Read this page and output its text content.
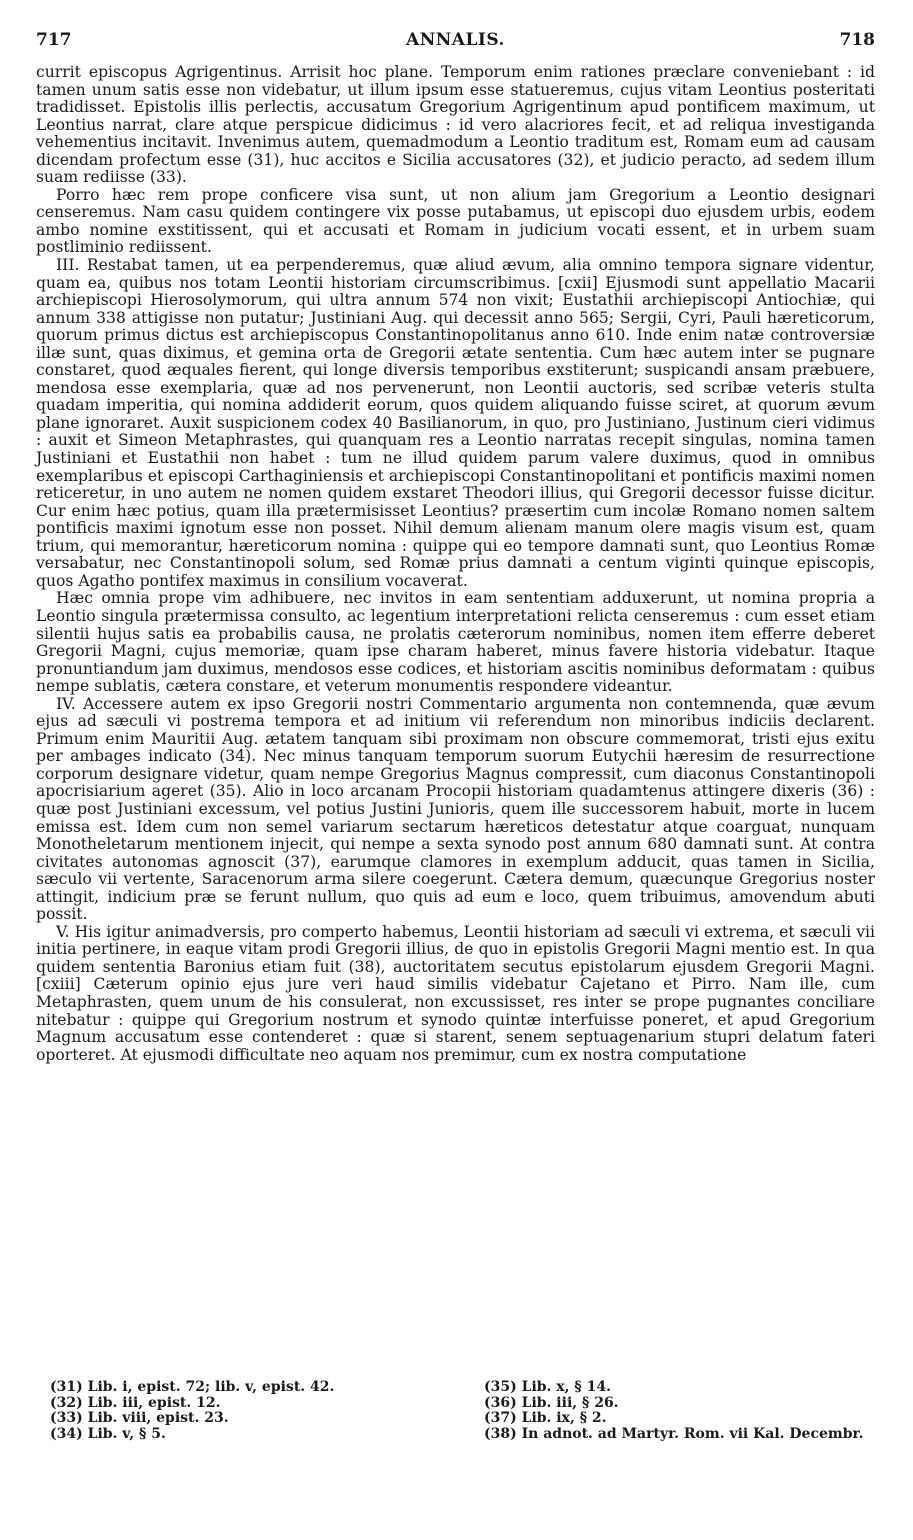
717	ANNALIS.	718

currit episcopus Agrigentinus. Arrisit hoc plane. Temporum enim rationes præclare conveniebant : id tamen unum satis esse non videbatur, ut illum ipsum esse statueremus, cujus vitam Leontius posteritati tradidisset. Epistolis illis perlectis, accusatum Gregorium Agrigentinum apud pontificem maximum, ut Leontius narrat, clare atque perspicue didicimus : id vero alacriores fecit, et ad reliqua investiganda vehementius incitavit. Invenimus autem, quemadmodum a Leontio traditum est, Romam eum ad causam dicendam profectum esse (31), huc accitos e Sicilia accusatores (32), et judicio peracto, ad sedem illum suam rediisse (33).

Porro hæc rem prope conficere visa sunt, ut non alium jam Gregorium a Leontio designari censeremus. Nam casu quidem contingere vix posse putabamus, ut episcopi duo ejusdem urbis, eodem ambo nomine exstitissent, qui et accusati et Romam in judicium vocati essent, et in urbem suam postliminio rediissent.

III. Restabat tamen, ut ea perpenderemus, quæ aliud ævum, alia omnino tempora signare videntur, quam ea, quibus nos totam Leontii historiam circumscribimus. [cxii] Ejusmodi sunt appellatio Macarii archiepiscopi Hierosolymorum, qui ultra annum 574 non vixit; Eustathii archiepiscopi Antiochiæ, qui annum 338 attigisse non putatur; Justiniani Aug. qui decessit anno 565; Sergii, Cyri, Pauli hæreticorum, quorum primus dictus est archiepiscopus Constantinopolitanus anno 610. Inde enim natæ controversiæ illæ sunt, quas diximus, et gemina orta de Gregorii ætate sententia. Cum hæc autem inter se pugnare constaret, quod æquales fierent, qui longe diversis temporibus exstiterunt; suspicandi ansam præbuere, mendosa esse exemplaria, quæ ad nos pervenerunt, non Leontii auctoris, sed scribæ veteris stulta quadam imperitia, qui nomina addiderit eorum, quos quidem aliquando fuisse sciret, at quorum ævum plane ignoraret. Auxit suspicionem codex 40 Basilianorum, in quo, pro Justiniano, Justinum cieri vidimus : auxit et Simeon Metaphrastes, qui quanquam res a Leontio narratas recepit singulas, nomina tamen Justiniani et Eustathii non habet : tum ne illud quidem parum valere duximus, quod in omnibus exemplaribus et episcopi Carthaginiensis et archiepiscopi Constantinopolitani et pontificis maximi nomen reticeretur, in uno autem ne nomen quidem exstaret Theodori illius, qui Gregorii decessor fuisse dicitur. Cur enim hæc potius, quam illa prætermisisset Leontius? præsertim cum incolæ Romano nomen saltem pontificis maximi ignotum esse non posset. Nihil demum alienam manum olere magis visum est, quam trium, qui memorantur, hæreticorum nomina : quippe qui eo tempore damnati sunt, quo Leontius Romæ versabatur, nec Constantinopoli solum, sed Romæ prius damnati a centum viginti quinque episcopis, quos Agatho pontifex maximus in consilium vocaverat.

Hæc omnia prope vim adhibuere, nec invitos in eam sententiam adduxerunt, ut nomina propria a Leontio singula prætermissa consulto, ac legentium interpretationi relicta censeremus : cum esset etiam silentii hujus satis ea probabilis causa, ne prolatis cæterorum nominibus, nomen item efferre deberet Gregorii Magni, cujus memoriæ, quam ipse charam haberet, minus favere historia videbatur. Itaque pronuntiandum jam duximus, mendosos esse codices, et historiam ascitis nominibus deformatam : quibus nempe sublatis, cætera constare, et veterum monumentis respondere videantur.

IV. Accessere autem ex ipso Gregorii nostri Commentario argumenta non contemnenda, quæ ævum ejus ad sæculi vi postrema tempora et ad initium vii referendum non minoribus indiciis declarent. Primum enim Mauritii Aug. ætatem tanquam sibi proximam non obscure commemorat, tristi ejus exitu per ambages indicato (34). Nec minus tanquam temporum suorum Eutychii hæresim de resurrectione corporum designare videtur, quam nempe Gregorius Magnus compressit, cum diaconus Constantinopoli apocrisiarium ageret (35). Alio in loco arcanam Procopii historiam quadamtenus attingere dixeris (36) : quæ post Justiniani excessum, vel potius Justini Junioris, quem ille successorem habuit, morte in lucem emissa est. Idem cum non semel variarum sectarum hæreticos detestatur atque coarguat, nunquam Monotheletarum mentionem injecit, qui nempe a sexta synodo post annum 680 damnati sunt. At contra civitates autonomas agnoscit (37), earumque clamores in exemplum adducit, quas tamen in Sicilia, sæculo vii vertente, Saracenorum arma silere coegerunt. Cætera demum, quæcunque Gregorius noster attingit, indicium præ se ferunt nullum, quo quis ad eum e loco, quem tribuimus, amovendum abuti possit.

V. His igitur animadversis, pro comperto habemus, Leontii historiam ad sæculi vi extrema, et sæculi vii initia pertinere, in eaque vitam prodi Gregorii illius, de quo in epistolis Gregorii Magni mentio est. In qua quidem sententia Baronius etiam fuit (38), auctoritatem secutus epistolarum ejusdem Gregorii Magni. [cxiii] Cæterum opinio ejus jure veri haud similis videbatur Cajetano et Pirro. Nam ille, cum Metaphrasten, quem unum de his consulerat, non excussisset, res inter se prope pugnantes conciliare nitebatur : quippe qui Gregorium nostrum et synodo quintæ interfuisse poneret, et apud Gregorium Magnum accusatum esse contenderet : quæ si starent, senem septuagenarium stupri delatum fateri oporteret. At ejusmodi difficultate neo aquam nos premimur, cum ex nostra computatione

(31) Lib. i, epist. 72; lib. v, epist. 42.
(32) Lib. iii, epist. 12.
(33) Lib. viii, epist. 23.
(34) Lib. v, § 5.
(35) Lib. x, § 14.
(36) Lib. iii, § 26.
(37) Lib. ix, § 2.
(38) In adnot. ad Martyr. Rom. vii Kal. Decembr.
